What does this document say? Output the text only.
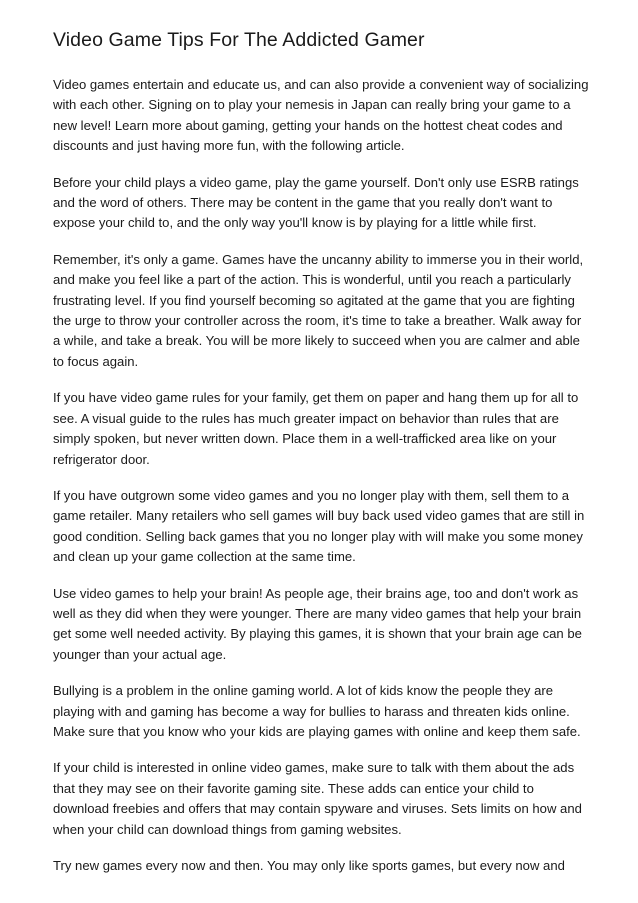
Video Game Tips For The Addicted Gamer

Video games entertain and educate us, and can also provide a convenient way of socializing with each other. Signing on to play your nemesis in Japan can really bring your game to a new level! Learn more about gaming, getting your hands on the hottest cheat codes and discounts and just having more fun, with the following article.

Before your child plays a video game, play the game yourself. Don't only use ESRB ratings and the word of others. There may be content in the game that you really don't want to expose your child to, and the only way you'll know is by playing for a little while first.

Remember, it's only a game. Games have the uncanny ability to immerse you in their world, and make you feel like a part of the action. This is wonderful, until you reach a particularly frustrating level. If you find yourself becoming so agitated at the game that you are fighting the urge to throw your controller across the room, it's time to take a breather. Walk away for a while, and take a break. You will be more likely to succeed when you are calmer and able to focus again.

If you have video game rules for your family, get them on paper and hang them up for all to see. A visual guide to the rules has much greater impact on behavior than rules that are simply spoken, but never written down. Place them in a well-trafficked area like on your refrigerator door.

If you have outgrown some video games and you no longer play with them, sell them to a game retailer. Many retailers who sell games will buy back used video games that are still in good condition. Selling back games that you no longer play with will make you some money and clean up your game collection at the same time.

Use video games to help your brain! As people age, their brains age, too and don't work as well as they did when they were younger. There are many video games that help your brain get some well needed activity. By playing this games, it is shown that your brain age can be younger than your actual age.

Bullying is a problem in the online gaming world. A lot of kids know the people they are playing with and gaming has become a way for bullies to harass and threaten kids online. Make sure that you know who your kids are playing games with online and keep them safe.

If your child is interested in online video games, make sure to talk with them about the ads that they may see on their favorite gaming site. These adds can entice your child to download freebies and offers that may contain spyware and viruses. Sets limits on how and when your child can download things from gaming websites.

Try new games every now and then. You may only like sports games, but every now and
